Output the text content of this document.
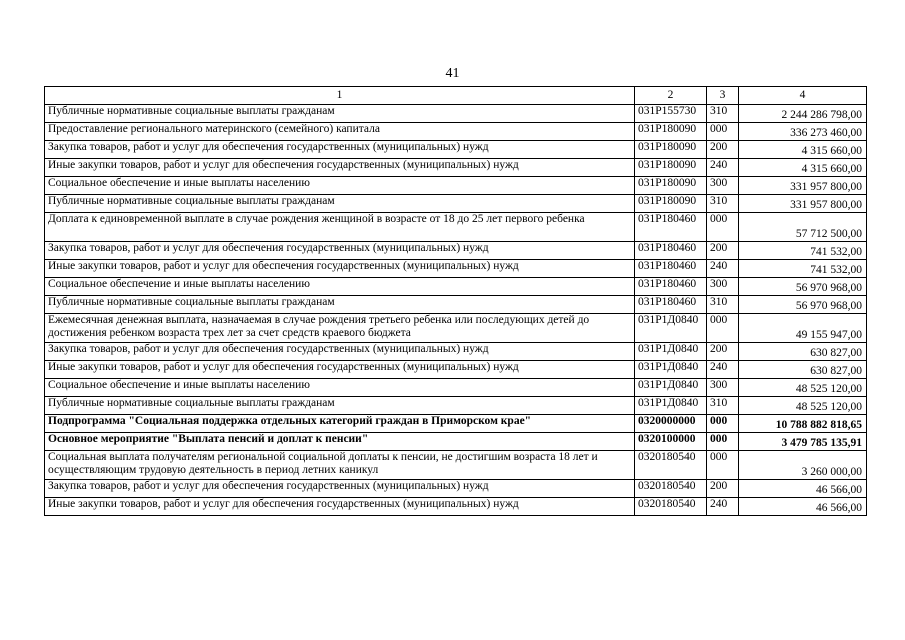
41
1	2	3	4
Публичные нормативные социальные выплаты гражданам	031P155730	310	2 244 286 798,00
Предоставление регионального материнского (семейного) капитала	031P180090	000	336 273 460,00
Закупка товаров, работ и услуг для обеспечения государственных (муниципальных) нужд	031P180090	200	4 315 660,00
Иные закупки товаров, работ и услуг для обеспечения государственных (муниципальных) нужд	031P180090	240	4 315 660,00
Социальное обеспечение и иные выплаты населению	031P180090	300	331 957 800,00
Публичные нормативные социальные выплаты гражданам	031P180090	310	331 957 800,00
Доплата к единовременной выплате в случае рождения женщиной в возрасте от 18 до 25 лет первого ребенка	031P180460	000	57 712 500,00
Закупка товаров, работ и услуг для обеспечения государственных (муниципальных) нужд	031P180460	200	741 532,00
Иные закупки товаров, работ и услуг для обеспечения государственных (муниципальных) нужд	031P180460	240	741 532,00
Социальное обеспечение и иные выплаты населению	031P180460	300	56 970 968,00
Публичные нормативные социальные выплаты гражданам	031P180460	310	56 970 968,00
Ежемесячная денежная выплата, назначаемая в случае рождения третьего ребенка или последующих детей до достижения ребенком возраста трех лет за счет средств краевого бюджета	031P1Д0840	000	49 155 947,00
Закупка товаров, работ и услуг для обеспечения государственных (муниципальных) нужд	031P1Д0840	200	630 827,00
Иные закупки товаров, работ и услуг для обеспечения государственных (муниципальных) нужд	031P1Д0840	240	630 827,00
Социальное обеспечение и иные выплаты населению	031P1Д0840	300	48 525 120,00
Публичные нормативные социальные выплаты гражданам	031P1Д0840	310	48 525 120,00
Подпрограмма "Социальная поддержка отдельных категорий граждан в Приморском крае"	0320000000	000	10 788 882 818,65
Основное мероприятие "Выплата пенсий и доплат к пенсии"	0320100000	000	3 479 785 135,91
Социальная выплата получателям региональной социальной доплаты к пенсии, не достигшим возраста 18 лет и осуществляющим трудовую деятельность в период летних каникул	0320180540	000	3 260 000,00
Закупка товаров, работ и услуг для обеспечения государственных (муниципальных) нужд	0320180540	200	46 566,00
Иные закупки товаров, работ и услуг для обеспечения государственных (муниципальных) нужд	0320180540	240	46 566,00
